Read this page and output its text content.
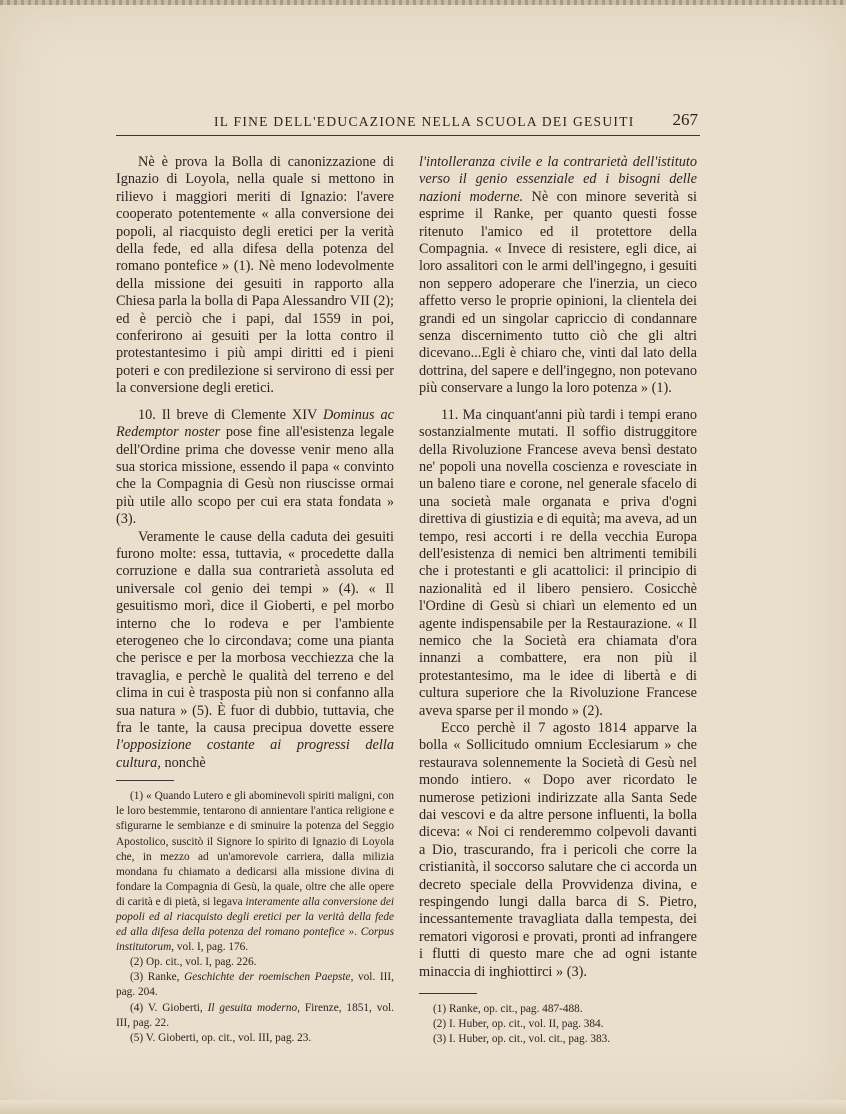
IL FINE DELL'EDUCAZIONE NELLA SCUOLA DEI GESUITI 267

Nè è prova la Bolla di canonizzazione di Ignazio di Loyola, nella quale si mettono in rilievo i maggiori meriti di Ignazio: l'avere cooperato potentemente « alla conversione dei popoli, al riacquisto degli eretici per la verità della fede, ed alla difesa della potenza del romano pontefice » (1). Nè meno lodevolmente della missione dei gesuiti in rapporto alla Chiesa parla la bolla di Papa Alessandro VII (2); ed è perciò che i papi, dal 1559 in poi, conferirono ai gesuiti per la lotta contro il protestantesimo i più ampi diritti ed i pieni poteri e con predilezione si servirono di essi per la conversione degli eretici.

10. Il breve di Clemente XIV Dominus ac Redemptor noster pose fine all'esistenza legale dell'Ordine prima che dovesse venir meno alla sua storica missione, essendo il papa « convinto che la Compagnia di Gesù non riuscisse ormai più utile allo scopo per cui era stata fondata » (3).

Veramente le cause della caduta dei gesuiti furono molte: essa, tuttavia, « procedette dalla corruzione e dalla sua contrarietà assoluta ed universale col genio dei tempi » (4). « Il gesuitismo morì, dice il Gioberti, e pel morbo interno che lo rodeva e per l'ambiente eterogeneo che lo circondava; come una pianta che perisce e per la morbosa vecchiezza che la travaglia, e perchè le qualità del terreno e del clima in cui è trasposta più non si confanno alla sua natura » (5). È fuor di dubbio, tuttavia, che fra le tante, la causa precipua dovette essere l'opposizione costante ai progressi della cultura, nonchè

(1) « Quando Lutero e gli abominevoli spiriti maligni, con le loro bestemmie, tentarono di annientare l'antica religione e sfigurarne le sembianze e di sminuire la potenza del Seggio Apostolico, suscitò il Signore lo spirito di Ignazio di Loyola che, in mezzo ad un'amorevole carriera, dalla milizia mondana fu chiamato a dedicarsi alla missione divina di fondare la Compagnia di Gesù, la quale, oltre che alle opere di carità e di pietà, si legava interamente alla conversione dei popoli ed al riacquisto degli eretici per la verità della fede ed alla difesa della potenza del romano pontefice ». Corpus institutorum, vol. I, pag. 176.

(2) Op. cit., vol. I, pag. 226.

(3) Ranke, Geschichte der roemischen Paepste, vol. III, pag. 204.

(4) V. Gioberti, Il gesuita moderno, Firenze, 1851, vol. III, pag. 22.

(5) V. Gioberti, op. cit., vol. III, pag. 23.

l'intolleranza civile e la contrarietà dell'istituto verso il genio essenziale ed i bisogni delle nazioni moderne. Nè con minore severità si esprime il Ranke, per quanto questi fosse ritenuto l'amico ed il protettore della Compagnia. « Invece di resistere, egli dice, ai loro assalitori con le armi dell'ingegno, i gesuiti non seppero adoperare che l'inerzia, un cieco affetto verso le proprie opinioni, la clientela dei grandi ed un singolar capriccio di condannare senza discernimento tutto ciò che gli altri dicevano...Egli è chiaro che, vinti dal lato della dottrina, del sapere e dell'ingegno, non potevano più conservare a lungo la loro potenza » (1).

11. Ma cinquant'anni più tardi i tempi erano sostanzialmente mutati. Il soffio distruggitore della Rivoluzione Francese aveva bensì destato ne' popoli una novella coscienza e rovesciate in un baleno tiare e corone, nel generale sfacelo di una società male organata e priva d'ogni direttiva di giustizia e di equità; ma aveva, ad un tempo, resi accorti i re della vecchia Europa dell'esistenza di nemici ben altrimenti temibili che i protestanti e gli acattolici: il principio di nazionalità ed il libero pensiero. Cosicchè l'Ordine di Gesù si chiarì un elemento ed un agente indispensabile per la Restaurazione. « Il nemico che la Società era chiamata d'ora innanzi a combattere, era non più il protestantesimo, ma le idee di libertà e di cultura superiore che la Rivoluzione Francese aveva sparse per il mondo » (2).

Ecco perchè il 7 agosto 1814 apparve la bolla « Sollicitudo omnium Ecclesiarum » che restaurava solennemente la Società di Gesù nel mondo intiero. « Dopo aver ricordato le numerose petizioni indirizzate alla Santa Sede dai vescovi e da altre persone influenti, la bolla diceva: « Noi ci renderemmo colpevoli davanti a Dio, trascurando, fra i pericoli che corre la cristianità, il soccorso salutare che ci accorda un decreto speciale della Provvidenza divina, e respingendo lungi dalla barca di S. Pietro, incessantemente travagliata dalla tempesta, dei rematori vigorosi e provati, pronti ad infrangere i flutti di questo mare che ad ogni istante minaccia di inghiottirci » (3).

(1) Ranke, op. cit., pag. 487-488.

(2) I. Huber, op. cit., vol. II, pag. 384.

(3) I. Huber, op. cit., vol. cit., pag. 383.
